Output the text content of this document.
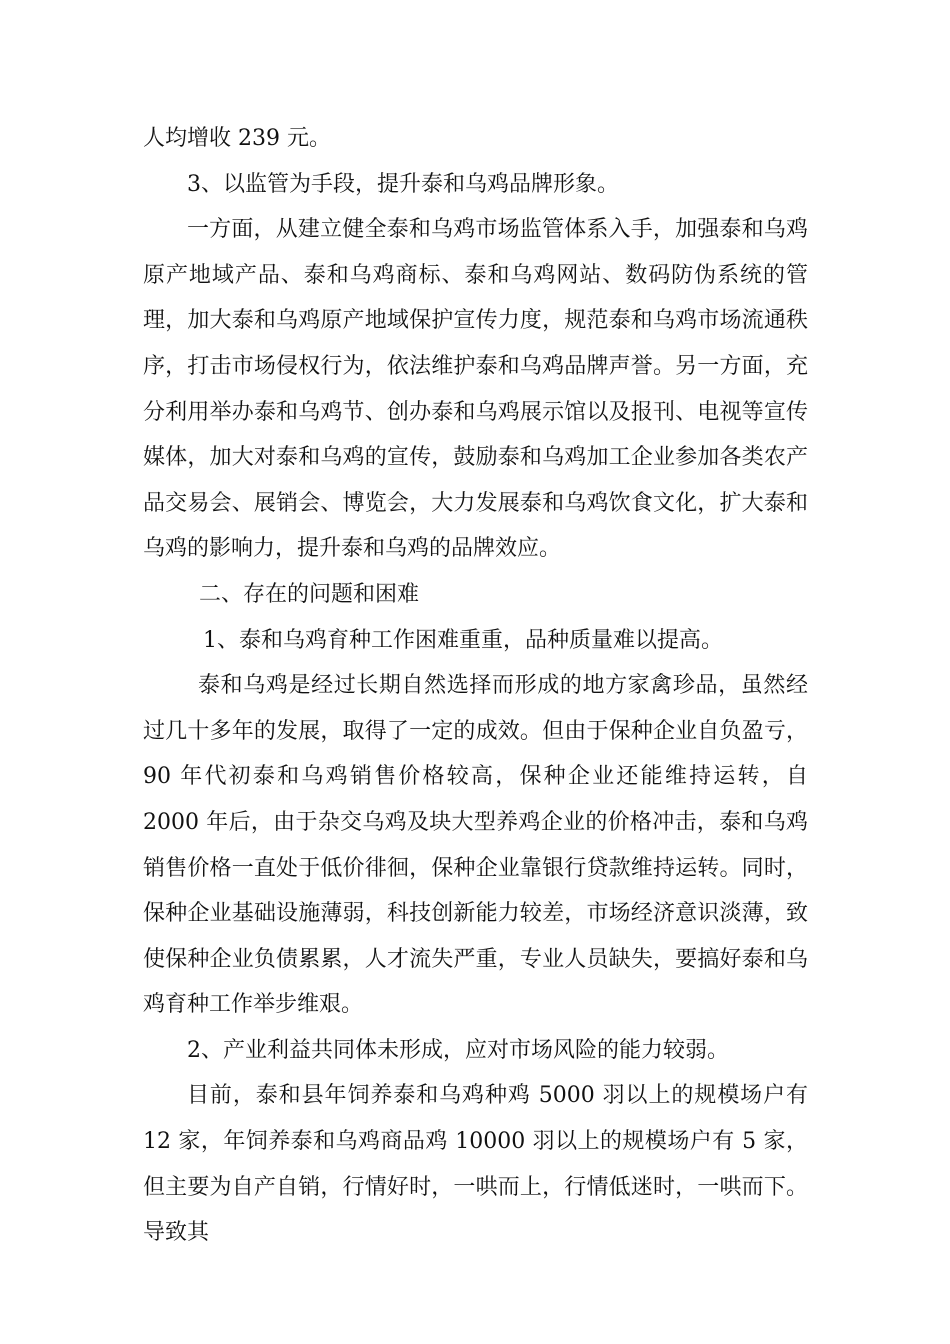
人均增收 239 元。

3、以监管为手段，提升泰和乌鸡品牌形象。

一方面，从建立健全泰和乌鸡市场监管体系入手，加强泰和乌鸡原产地域产品、泰和乌鸡商标、泰和乌鸡网站、数码防伪系统的管理，加大泰和乌鸡原产地域保护宣传力度，规范泰和乌鸡市场流通秩序，打击市场侵权行为，依法维护泰和乌鸡品牌声誉。另一方面，充分利用举办泰和乌鸡节、创办泰和乌鸡展示馆以及报刊、电视等宣传媒体，加大对泰和乌鸡的宣传，鼓励泰和乌鸡加工企业参加各类农产品交易会、展销会、博览会，大力发展泰和乌鸡饮食文化，扩大泰和乌鸡的影响力，提升泰和乌鸡的品牌效应。

二、存在的问题和困难

1、泰和乌鸡育种工作困难重重，品种质量难以提高。

泰和乌鸡是经过长期自然选择而形成的地方家禽珍品，虽然经过几十多年的发展，取得了一定的成效。但由于保种企业自负盈亏，90 年代初泰和乌鸡销售价格较高，保种企业还能维持运转，自 2000 年后，由于杂交乌鸡及块大型养鸡企业的价格冲击，泰和乌鸡销售价格一直处于低价徘徊，保种企业靠银行贷款维持运转。同时，保种企业基础设施薄弱，科技创新能力较差，市场经济意识淡薄，致使保种企业负债累累，人才流失严重，专业人员缺失，要搞好泰和乌鸡育种工作举步维艰。

2、产业利益共同体未形成，应对市场风险的能力较弱。

目前，泰和县年饲养泰和乌鸡种鸡 5000 羽以上的规模场户有 12 家，年饲养泰和乌鸡商品鸡 10000 羽以上的规模场户有 5 家，但主要为自产自销，行情好时，一哄而上，行情低迷时，一哄而下。导致其
